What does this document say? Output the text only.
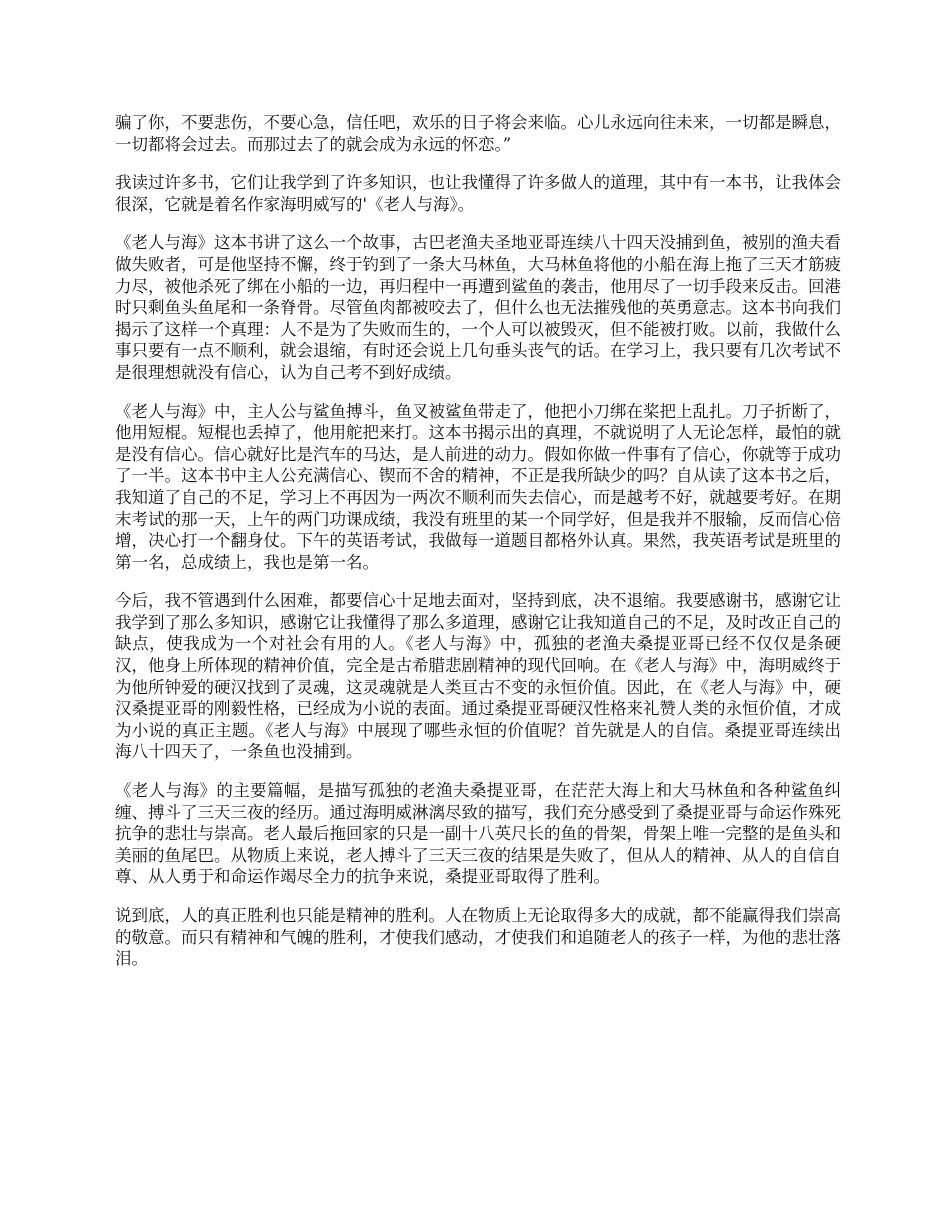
骗了你，不要悲伤，不要心急，信任吧，欢乐的日子将会来临。心儿永远向往未来，一切都是瞬息，一切都将会过去。而那过去了的就会成为永远的怀恋。”

我读过许多书，它们让我学到了许多知识，也让我懂得了许多做人的道理，其中有一本书，让我体会很深，它就是着名作家海明威写的'《老人与海》。

《老人与海》这本书讲了这么一个故事，古巴老渔夫圣地亚哥连续八十四天没捕到鱼，被别的渔夫看做失败者，可是他坚持不懈，终于钓到了一条大马林鱼，大马林鱼将他的小船在海上拖了三天才筋疲力尽，被他杀死了绑在小船的一边，再归程中一再遭到鲨鱼的袭击，他用尽了一切手段来反击。回港时只剩鱼头鱼尾和一条脊骨。尽管鱼肉都被咬去了，但什么也无法摧残他的英勇意志。这本书向我们揭示了这样一个真理：人不是为了失败而生的，一个人可以被毁灭，但不能被打败。以前，我做什么事只要有一点不顺利，就会退缩，有时还会说上几句垂头丧气的话。在学习上，我只要有几次考试不是很理想就没有信心，认为自己考不到好成绩。

《老人与海》中，主人公与鲨鱼搏斗，鱼叉被鲨鱼带走了，他把小刀绑在桨把上乱扎。刀子折断了，他用短棍。短棍也丢掉了，他用舵把来打。这本书揭示出的真理，不就说明了人无论怎样，最怕的就是没有信心。信心就好比是汽车的马达，是人前进的动力。假如你做一件事有了信心，你就等于成功了一半。这本书中主人公充满信心、锲而不舍的精神，不正是我所缺少的吗？自从读了这本书之后，我知道了自己的不足，学习上不再因为一两次不顺利而失去信心，而是越考不好，就越要考好。在期末考试的那一天，上午的两门功课成绩，我没有班里的某一个同学好，但是我并不服输，反而信心倍增，决心打一个翻身仗。下午的英语考试，我做每一道题目都格外认真。果然，我英语考试是班里的第一名，总成绩上，我也是第一名。

今后，我不管遇到什么困难，都要信心十足地去面对，坚持到底，决不退缩。我要感谢书，感谢它让我学到了那么多知识，感谢它让我懂得了那么多道理，感谢它让我知道自己的不足，及时改正自己的缺点，使我成为一个对社会有用的人。《老人与海》中，孤独的老渔夫桑提亚哥已经不仅仅是条硬汉，他身上所体现的精神价值，完全是古希腊悲剧精神的现代回响。在《老人与海》中，海明威终于为他所钟爱的硬汉找到了灵魂，这灵魂就是人类亘古不变的永恒价值。因此，在《老人与海》中，硬汉桑提亚哥的刚毅性格，已经成为小说的表面。通过桑提亚哥硬汉性格来礼赞人类的永恒价值，才成为小说的真正主题。《老人与海》中展现了哪些永恒的价值呢？首先就是人的自信。桑提亚哥连续出海八十四天了，一条鱼也没捕到。

《老人与海》的主要篇幅，是描写孤独的老渔夫桑提亚哥，在茫茫大海上和大马林鱼和各种鲨鱼纠缠、搏斗了三天三夜的经历。通过海明威淋漓尽致的描写，我们充分感受到了桑提亚哥与命运作殊死抗争的悲壮与崇高。老人最后拖回家的只是一副十八英尺长的鱼的骨架，骨架上唯一完整的是鱼头和美丽的鱼尾巴。从物质上来说，老人搏斗了三天三夜的结果是失败了，但从人的精神、从人的自信自尊、从人勇于和命运作竭尽全力的抗争来说，桑提亚哥取得了胜利。

说到底，人的真正胜利也只能是精神的胜利。人在物质上无论取得多大的成就，都不能赢得我们崇高的敬意。而只有精神和气魄的胜利，才使我们感动，才使我们和追随老人的孩子一样，为他的悲壮落泪。
